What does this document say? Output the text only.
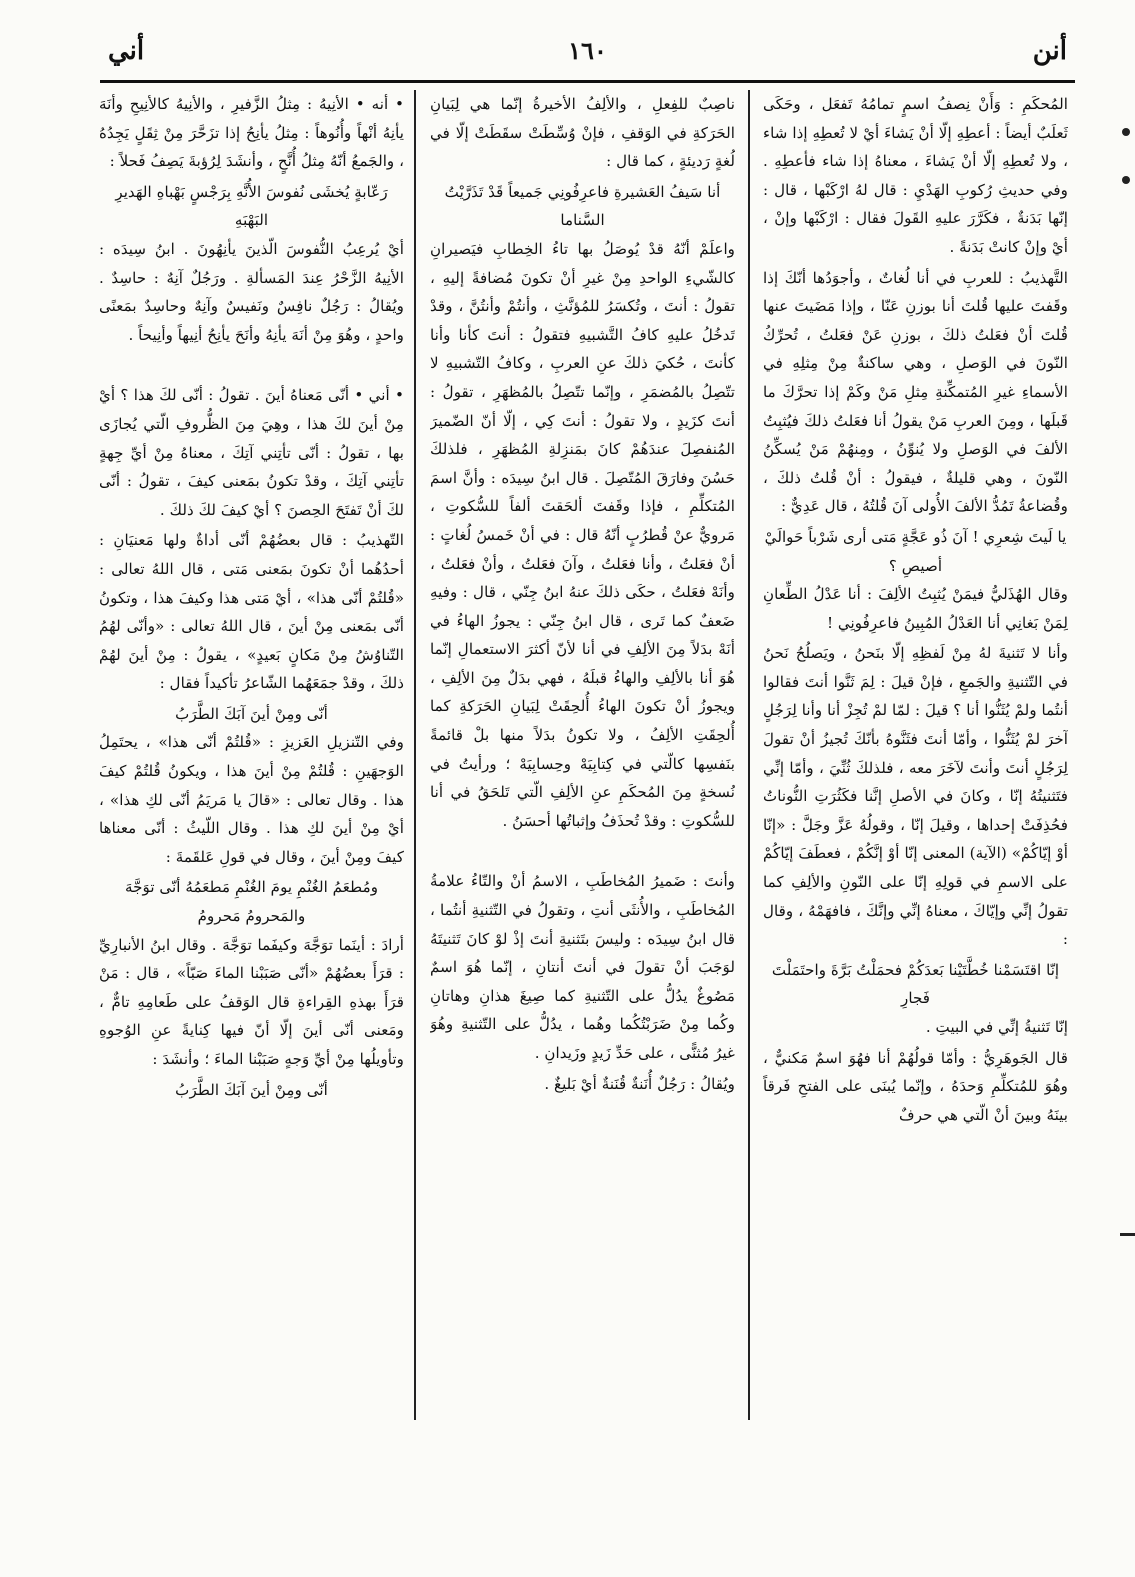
أنن
١٦٠
أني

المُحكَمِ : وَأَنْ نِصفُ اسمٍ تمامُهُ تَفعَل ، وحَكَى ثَعلَبٌ أيضاً : أعطِهِ إلّا أنْ يَشاءَ أيْ لا تُعطِهِ إذا شاء ، ولا تُعطِهِ إلّا أنْ يَشاءَ ، معناهُ إذا شاء فأعطِهِ . وفي حديثِ رُكوبِ الهَدْيِ : قال لهُ ارْكَبْها ، قال : إنّها بَدَنةٌ ، فكَرَّرَ عليهِ القَولَ فقال : ارْكَبْها وإنْ ، أيْ وإنْ كانتْ بَدَنةً .

التَّهذيبُ : للعربِ في أنا لُغاتٌ ، وأجوَدُها أنّكَ إذا وقَفتَ عليها قُلتَ أنا بوزنِ عَنّا ، وإذا مَضَيتَ عنها قُلتَ أنْ فعَلتُ ذلكَ ، بوزنِ عَنْ فعَلتُ ، تُحرِّكُ النّونَ في الوَصلِ ، وهي ساكنةٌ مِنْ مِثلِهِ في الأسماءِ غيرِ المُتمكِّنةِ مِثلِ مَنْ وكَمْ إذا تحرَّكَ ما قَبلَها ، ومِنَ العربِ مَنْ يقولُ أنا فعَلتُ ذلكَ فيُثبِتُ الألفَ في الوَصلِ ولا يُنوِّنُ ، ومِنهُمْ مَنْ يُسكِّنُ النّونَ ، وهي قليلةٌ ، فيقولُ : أنْ قُلتُ ذلكَ ، وقُضاعةُ تَمُدُّ الألفَ الأُولى آنَ قُلتُهُ ، قال عَدِيٌّ :

يا لَيتَ شِعرِي ! آنَ ذُو عَجَّةٍ مَتى أرى شَرْباً حَوالَيْ أصيصِ ؟

وقال الهُذَليُّ فيمَنْ يُثبِتُ الألِفَ : أنا عَدْلُ الطِّعانِ لِمَنْ بَغانِي أنا العَدْلُ المُبِينُ فاعرِفُونِي !

وأنا لا تَثنيةَ لهُ مِنْ لَفظِهِ إلّا بنَحنُ ، ويَصلُحُ نَحنُ في التّثنيةِ والجَمعِ ، فإنْ قيلَ : لِمَ ثَنَّوا أنتَ فقالوا أنتُما ولمْ يُثَنُّوا أنا ؟ قيلَ : لمّا لمْ تُجِزْ أنا وأنا لِرَجُلٍ آخرَ لمْ يُثَنُّوا ، وأمّا أنتَ فثَنَّوهُ بأنّكَ تُجيزُ أنْ تقولَ لِرَجُلٍ أنتَ وأنتَ لآخَرَ معه ، فلذلكَ ثُنِّيَ ، وأمّا إنِّي فتَثنيتُهُ إنّا ، وكانَ في الأصلِ إنَّنا فكَثُرَتِ النُّوناتُ فحُذِفَتْ إحداها ، وقيلَ إنّا ، وقولُهُ عَزَّ وجَلَّ : «إنّا أوْ إيّاكُمْ» (الآية) المعنى إنّا أوْ إنَّكُمْ ، فعطَفَ إيّاكُمْ على الاسمِ في قولِهِ إنّا على النّونِ والألِفِ كما تقولُ إنِّي وإيّاكَ ، معناهُ إنِّي وإنَّكَ ، فافهَمْهُ ، وقال :

إنّا اقتَسَمْنا خُطَّتَيْنا بَعدَكُمْ فحمَلْتُ بَرَّةَ واحتَمَلْتَ فَجارِ

إنّا تَثنيةُ إنِّي في البيتِ .

قال الجَوهَرِيُّ : وأمّا قولُهُمْ أنا فهُوَ اسمٌ مَكنيٌّ ، وهُوَ للمُتكلِّمِ وَحدَهُ ، وإنّما يُبنَى على الفتحِ فَرقاً بينَهُ وبينَ أنْ الّتي هي حرفٌ

ناصِبٌ للفِعلِ ، والألِفُ الأخيرةُ إنّما هي لِبَيانِ الحَرَكةِ في الوَقفِ ، فإنْ وُسِّطَتْ سقَطَتْ إلّا في لُغةٍ رَديئةٍ ، كما قال :

أنا سَيفُ العَشيرةِ فاعرِفُونِي جَميعاً قَدْ تَذَرَّيْتُ السَّناما

واعلَمْ أنّهُ قدْ يُوصَلُ بها تاءُ الخِطابِ فيَصيرانِ كالشّيءِ الواحدِ مِنْ غيرِ أنْ تكونَ مُضافةً إليهِ ، تقولُ : أنتَ ، وتُكسَرُ للمُؤنَّثِ ، وأنتُمْ وأنتُنَّ ، وقدْ تَدخُلُ عليهِ كافُ التَّشبيهِ فتقولُ : أنتَ كأنا وأنا كأنتَ ، حُكيَ ذلكَ عنِ العربِ ، وكافُ التّشبيهِ لا تتّصِلُ بالمُضمَرِ ، وإنّما تتّصِلُ بالمُظهَرِ ، تقولُ : أنتَ كزَيدٍ ، ولا تقولُ : أنتَ كِي ، إلّا أنّ الضّميرَ المُنفصِلَ عندَهُمْ كانَ بمَنزِلةِ المُظهَرِ ، فلذلكَ حَسُنَ وفارَقَ المُتّصِلَ . قال ابنُ سِيدَه : وأنَّ اسمَ المُتكلِّمِ ، فإذا وقَفتَ ألحَقتَ ألفاً للسُّكوتِ ، مَرويٌّ عنْ قُطرُبٍ أنّهُ قال : في أنْ خَمسُ لُغاتٍ : أنْ فعَلتُ ، وأنا فعَلتُ ، وآنَ فعَلتُ ، وأنْ فعَلتُ ، وأنَهْ فعَلتُ ، حكَى ذلكَ عنهُ ابنُ جِنّي ، قال : وفيهِ ضَعفٌ كما تَرى ، قال ابنُ جِنّي : يجوزُ الهاءُ في أنَهْ بدَلاً مِنَ الألِفِ في أنا لأنّ أكثرَ الاستعمالِ إنّما هُوَ أنا بالألِفِ والهاءُ قبلَهُ ، فهي بدَلٌ مِنَ الألِفِ ، ويجوزُ أنْ تكونَ الهاءُ أُلحِقَتْ لِبَيانِ الحَرَكةِ كما أُلحِقَتِ الألِفُ ، ولا تكونُ بدَلاً منها بلْ قائمةً بنَفسِها كالّتي في كِتابِيَهْ وحِسابِيَهْ ؛ ورأيتُ في نُسخةٍ مِنَ المُحكَمِ عنِ الألِفِ الّتي تَلحَقُ في أنا للسُّكوتِ : وقدْ تُحذَفُ وإثباتُها أحسَنُ .

وأنتَ : ضَميرُ المُخاطَبِ ، الاسمُ أنْ والتّاءُ علامةُ المُخاطَبِ ، والأُنثَى أنتِ ، وتقولُ في التّثنيةِ أنتُما ، قال ابنُ سِيدَه : وليسَ بتَثنيةِ أنتَ إذْ لوْ كانَ تَثنيتَهُ لوَجَبَ أنْ تقولَ في أنتَ أنتانِ ، إنّما هُوَ اسمٌ مَصُوغٌ يدُلُّ على التّثنيةِ كما صِيغَ هذانِ وهاتانِ وكُما مِنْ ضَرَبْتُكُما وهُما ، يدُلُّ على التّثنيةِ وهُوَ غيرُ مُثنًّى ، على حَدِّ زَيدٍ وزَيدانِ .

ويُقالُ : رَجُلٌ أُنَنةٌ قُنَنةٌ أيْ بَليغٌ .

• أنه • الأنِيهُ : مِثلُ الزَّفيرِ ، والأنِيهُ كالأنِيحِ وأنَهَ يأنِهُ أنْهاً وأُنُوهاً : مِثلُ يأنِحُ إذا تزَحَّرَ مِنْ ثِقَلٍ يَجِدُهُ ، والجَمعُ أنّهُ مِثلُ أُنَّحٍ ، وأنشَدَ لِرُؤبةَ يَصِفُ فَحلاً :

رَعّابةٍ يُخشَى نُفوسَ الأُنَّهِ بِرَجْسٍ بَهْباهِ الهَديرِ البَهْبَهِ

أيْ يُرعِبُ النُّفوسَ الّذينَ يأنِهُونَ . ابنُ سِيدَه : الأنِيهُ الزَّحْرُ عِندَ المَسألةِ . ورَجُلٌ آنِهٌ : حاسِدٌ . ويُقالُ : رَجُلٌ نافِسٌ ونَفيسٌ وآنِهٌ وحاسِدٌ بمَعنًى واحدٍ ، وهُوَ مِنْ أنَهَ يأنِهُ وأنَحَ يأنِحُ أنِيهاً وأنِيحاً .

• أني • أنّى مَعناهُ أينَ . تقولُ : أنّى لكَ هذا ؟ أيْ مِنْ أينَ لكَ هذا ، وهِيَ مِنَ الظُّروفِ الّتي يُجازَى بها ، تقولُ : أنّى تأتِني آتِكَ ، معناهُ مِنْ أيِّ جِهةٍ تأتِني آتِكَ ، وقدْ تكونُ بمَعنى كيفَ ، تقولُ : أنّى لكَ أنْ تَفتَحَ الحِصنَ ؟ أيْ كيفَ لكَ ذلكَ .

التّهذيبُ : قال بعضُهُمْ أنّى أداةٌ ولها مَعنيَانِ : أحدُهُما أنْ تكونَ بمَعنى مَتى ، قال اللهُ تعالى : «قُلتُمْ أنّى هذا» ، أيْ مَتى هذا وكيفَ هذا ، وتكونُ أنّى بمَعنى مِنْ أينَ ، قال اللهُ تعالى : «وأنّى لهُمُ التّناوُشُ مِنْ مَكانٍ بَعيدٍ» ، يقولُ : مِنْ أينَ لهُمْ ذلكَ ، وقدْ جمَعَهُما الشّاعرُ تأكيداً فقال :

أنّى ومِنْ أينَ آبَكَ الطَّرَبُ

وفي التّنزيلِ العَزيزِ : «قُلتُمْ أنّى هذا» ، يحتَمِلُ الوَجهَينِ : قُلتُمْ مِنْ أينَ هذا ، ويكونُ قُلتُمْ كيفَ هذا . وقال تعالى : «قالَ يا مَريَمُ أنّى لكِ هذا» ، أيْ مِنْ أينَ لكِ هذا . وقال اللّيثُ : أنّى معناها كيفَ ومِنْ أينَ ، وقال في قولِ عَلقَمةَ :

ومُطعَمُ الغُنْمِ يومَ الغُنْمِ مَطعَمُهُ أنّى توَجَّهَ والمَحرومُ مَحرومُ

أرادَ : أينَما توَجَّهَ وكيفَما توَجَّهَ . وقال ابنُ الأنبارِيِّ : قرَأَ بعضُهُمْ «أنّى صَبَبْنا الماءَ صَبّاً» ، قال : مَنْ قرَأَ بهذهِ القِراءةِ قال الوَقفُ على طَعامِهِ تامٌّ ، ومَعنى أنّى أينَ إلّا أنّ فيها كِنايةً عنِ الوُجوهِ وتأويلُها مِنْ أيِّ وَجهٍ صَبَبْنا الماءَ ؛ وأنشَدَ :

أنّى ومِنْ أينَ آبَكَ الطَّرَبُ
